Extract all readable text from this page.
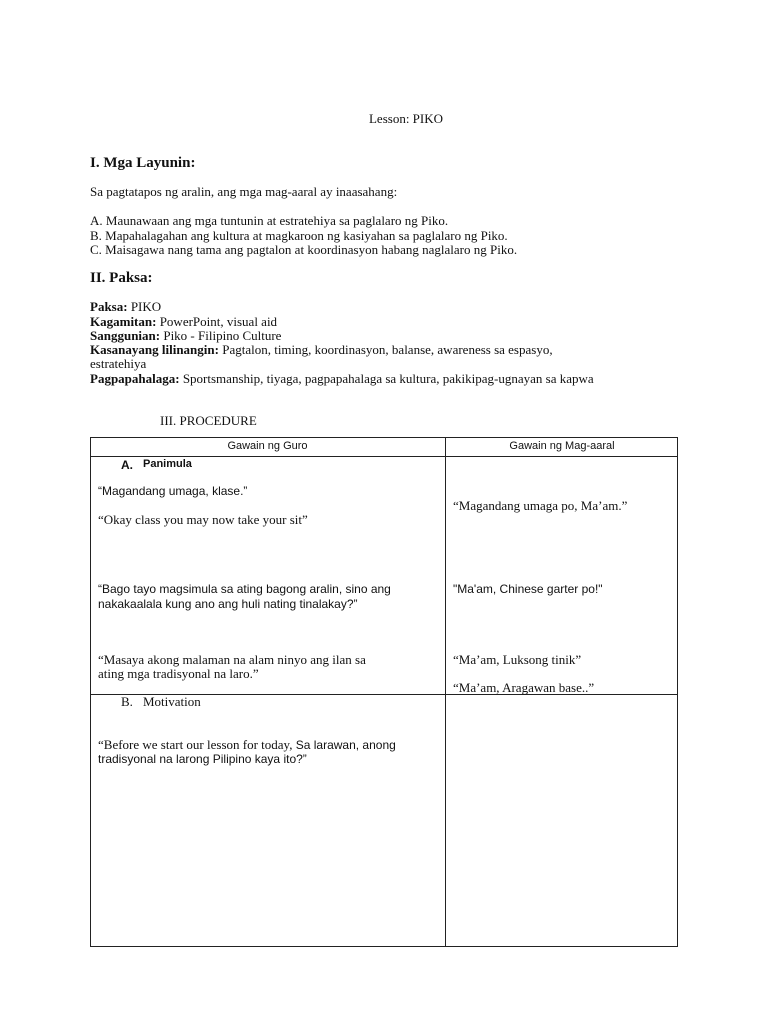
Lesson: PIKO
I. Mga Layunin:
Sa pagtatapos ng aralin, ang mga mag-aaral ay inaasahang:
A. Maunawaan ang mga tuntunin at estratehiya sa paglalaro ng Piko.
B. Mapahalagahan ang kultura at magkaroon ng kasiyahan sa paglalaro ng Piko.
C. Maisagawa nang tama ang pagtalon at koordinasyon habang naglalaro ng Piko.
II. Paksa:
Paksa: PIKO
Kagamitan: PowerPoint, visual aid
Sanggunian: Piko - Filipino Culture
Kasanayang lilinangin: Pagtalon, timing, koordinasyon, balanse, awareness sa espasyo,
estratehiya
Pagpapahalaga: Sportsmanship, tiyaga, pagpapahalaga sa kultura, pakikipag-ugnayan sa kapwa
III. PROCEDURE
Gawain ng Guro	Gawain ng Mag-aaral
A. Panimula
“Magandang umaga, klase.”
“Okay class you may now take your sit”
“Bago tayo magsimula sa ating bagong aralin, sino ang
nakakaalala kung ano ang huli nating tinalakay?”
“Masaya akong malaman na alam ninyo ang ilan sa
ating mga tradisyonal na laro.”
“Magandang umaga po, Ma’am.”
"Ma'am, Chinese garter po!"
“Ma’am, Luksong tinik”
“Ma’am, Aragawan base..”
B. Motivation
“Before we start our lesson for today, Sa larawan, anong
tradisyonal na larong Pilipino kaya ito?”
